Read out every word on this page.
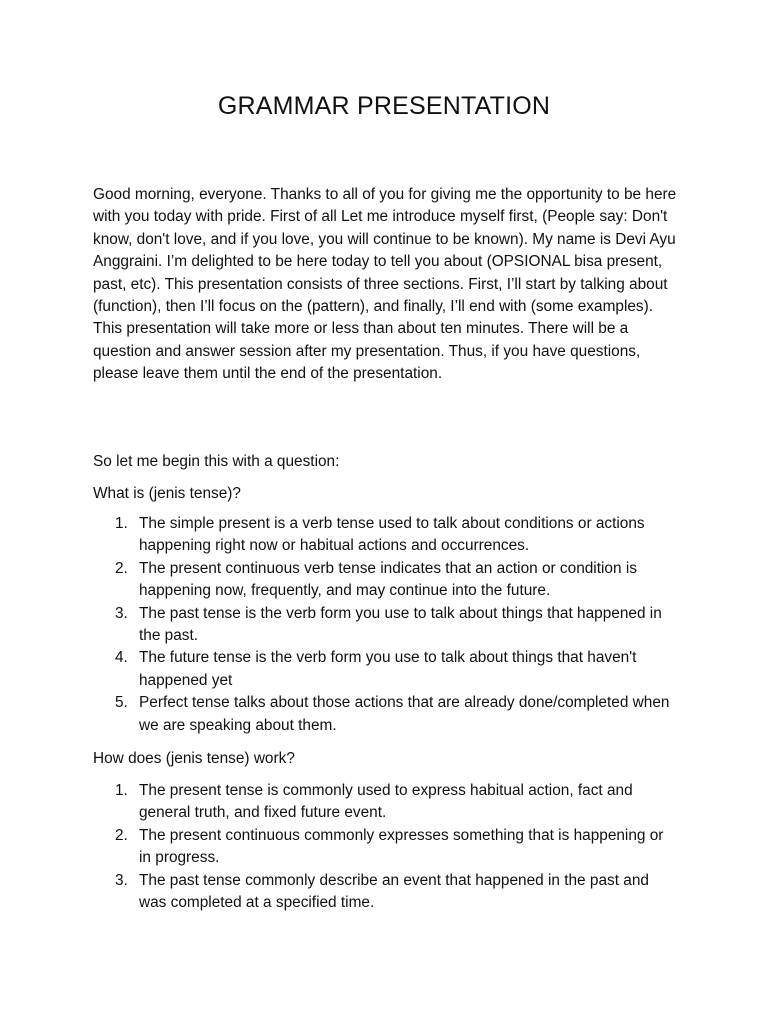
GRAMMAR PRESENTATION

Good morning, everyone. Thanks to all of you for giving me the opportunity to be here with you today with pride. First of all Let me introduce myself first, (People say: Don't know, don't love, and if you love, you will continue to be known). My name is Devi Ayu Anggraini. I’m delighted to be here today to tell you about (OPSIONAL bisa present, past, etc). This presentation consists of three sections. First, I’ll start by talking about (function), then I’ll focus on the (pattern), and finally, I’ll end with (some examples). This presentation will take more or less than about ten minutes. There will be a question and answer session after my presentation. Thus, if you have questions, please leave them until the end of the presentation.

So let me begin this with a question:

What is (jenis tense)?

1. The simple present is a verb tense used to talk about conditions or actions happening right now or habitual actions and occurrences.
2. The present continuous verb tense indicates that an action or condition is happening now, frequently, and may continue into the future.
3. The past tense is the verb form you use to talk about things that happened in the past.
4. The future tense is the verb form you use to talk about things that haven't happened yet
5. Perfect tense talks about those actions that are already done/completed when we are speaking about them.

How does (jenis tense) work?

1. The present tense is commonly used to express habitual action, fact and general truth, and fixed future event.
2. The present continuous commonly expresses something that is happening or in progress.
3. The past tense commonly describe an event that happened in the past and was completed at a specified time.
